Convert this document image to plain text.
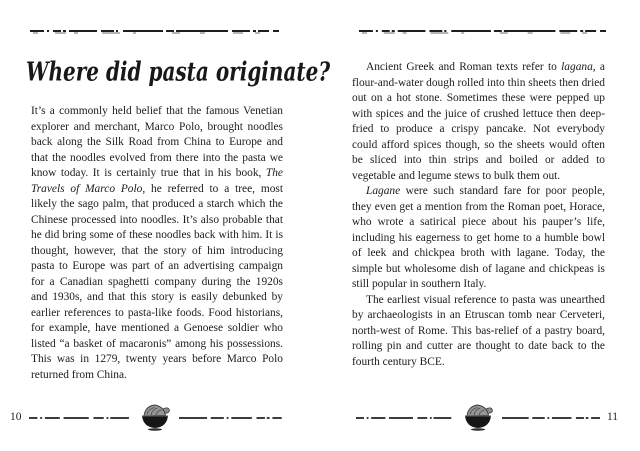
Where did pasta originate?

It’s a commonly held belief that the famous Venetian explorer and merchant, Marco Polo, brought noodles back along the Silk Road from China to Europe and that the noodles evolved from there into the pasta we know today. It is certainly true that in his book, The Travels of Marco Polo, he referred to a tree, most likely the sago palm, that produced a starch which the Chinese processed into noodles. It’s also probable that he did bring some of these noodles back with him. It is thought, however, that the story of him introducing pasta to Europe was part of an advertising campaign for a Canadian spaghetti company during the 1920s and 1930s, and that this story is easily debunked by earlier references to pasta-like foods. Food historians, for example, have mentioned a Genoese soldier who listed “a basket of macaronis” among his possessions. This was in 1279, twenty years before Marco Polo returned from China.

10

Ancient Greek and Roman texts refer to lagana, a flour-and-water dough rolled into thin sheets then dried out on a hot stone. Sometimes these were pepped up with spices and the juice of crushed lettuce then deep-fried to produce a crispy pancake. Not everybody could afford spices though, so the sheets would often be sliced into thin strips and boiled or added to vegetable and legume stews to bulk them out.

Lagane were such standard fare for poor people, they even get a mention from the Roman poet, Horace, who wrote a satirical piece about his pauper’s life, including his eagerness to get home to a humble bowl of leek and chickpea broth with lagane. Today, the simple but wholesome dish of lagane and chickpeas is still popular in southern Italy.

The earliest visual reference to pasta was unearthed by archaeologists in an Etruscan tomb near Cerveteri, north-west of Rome. This bas-relief of a pastry board, rolling pin and cutter are thought to date back to the fourth century BCE.

11
